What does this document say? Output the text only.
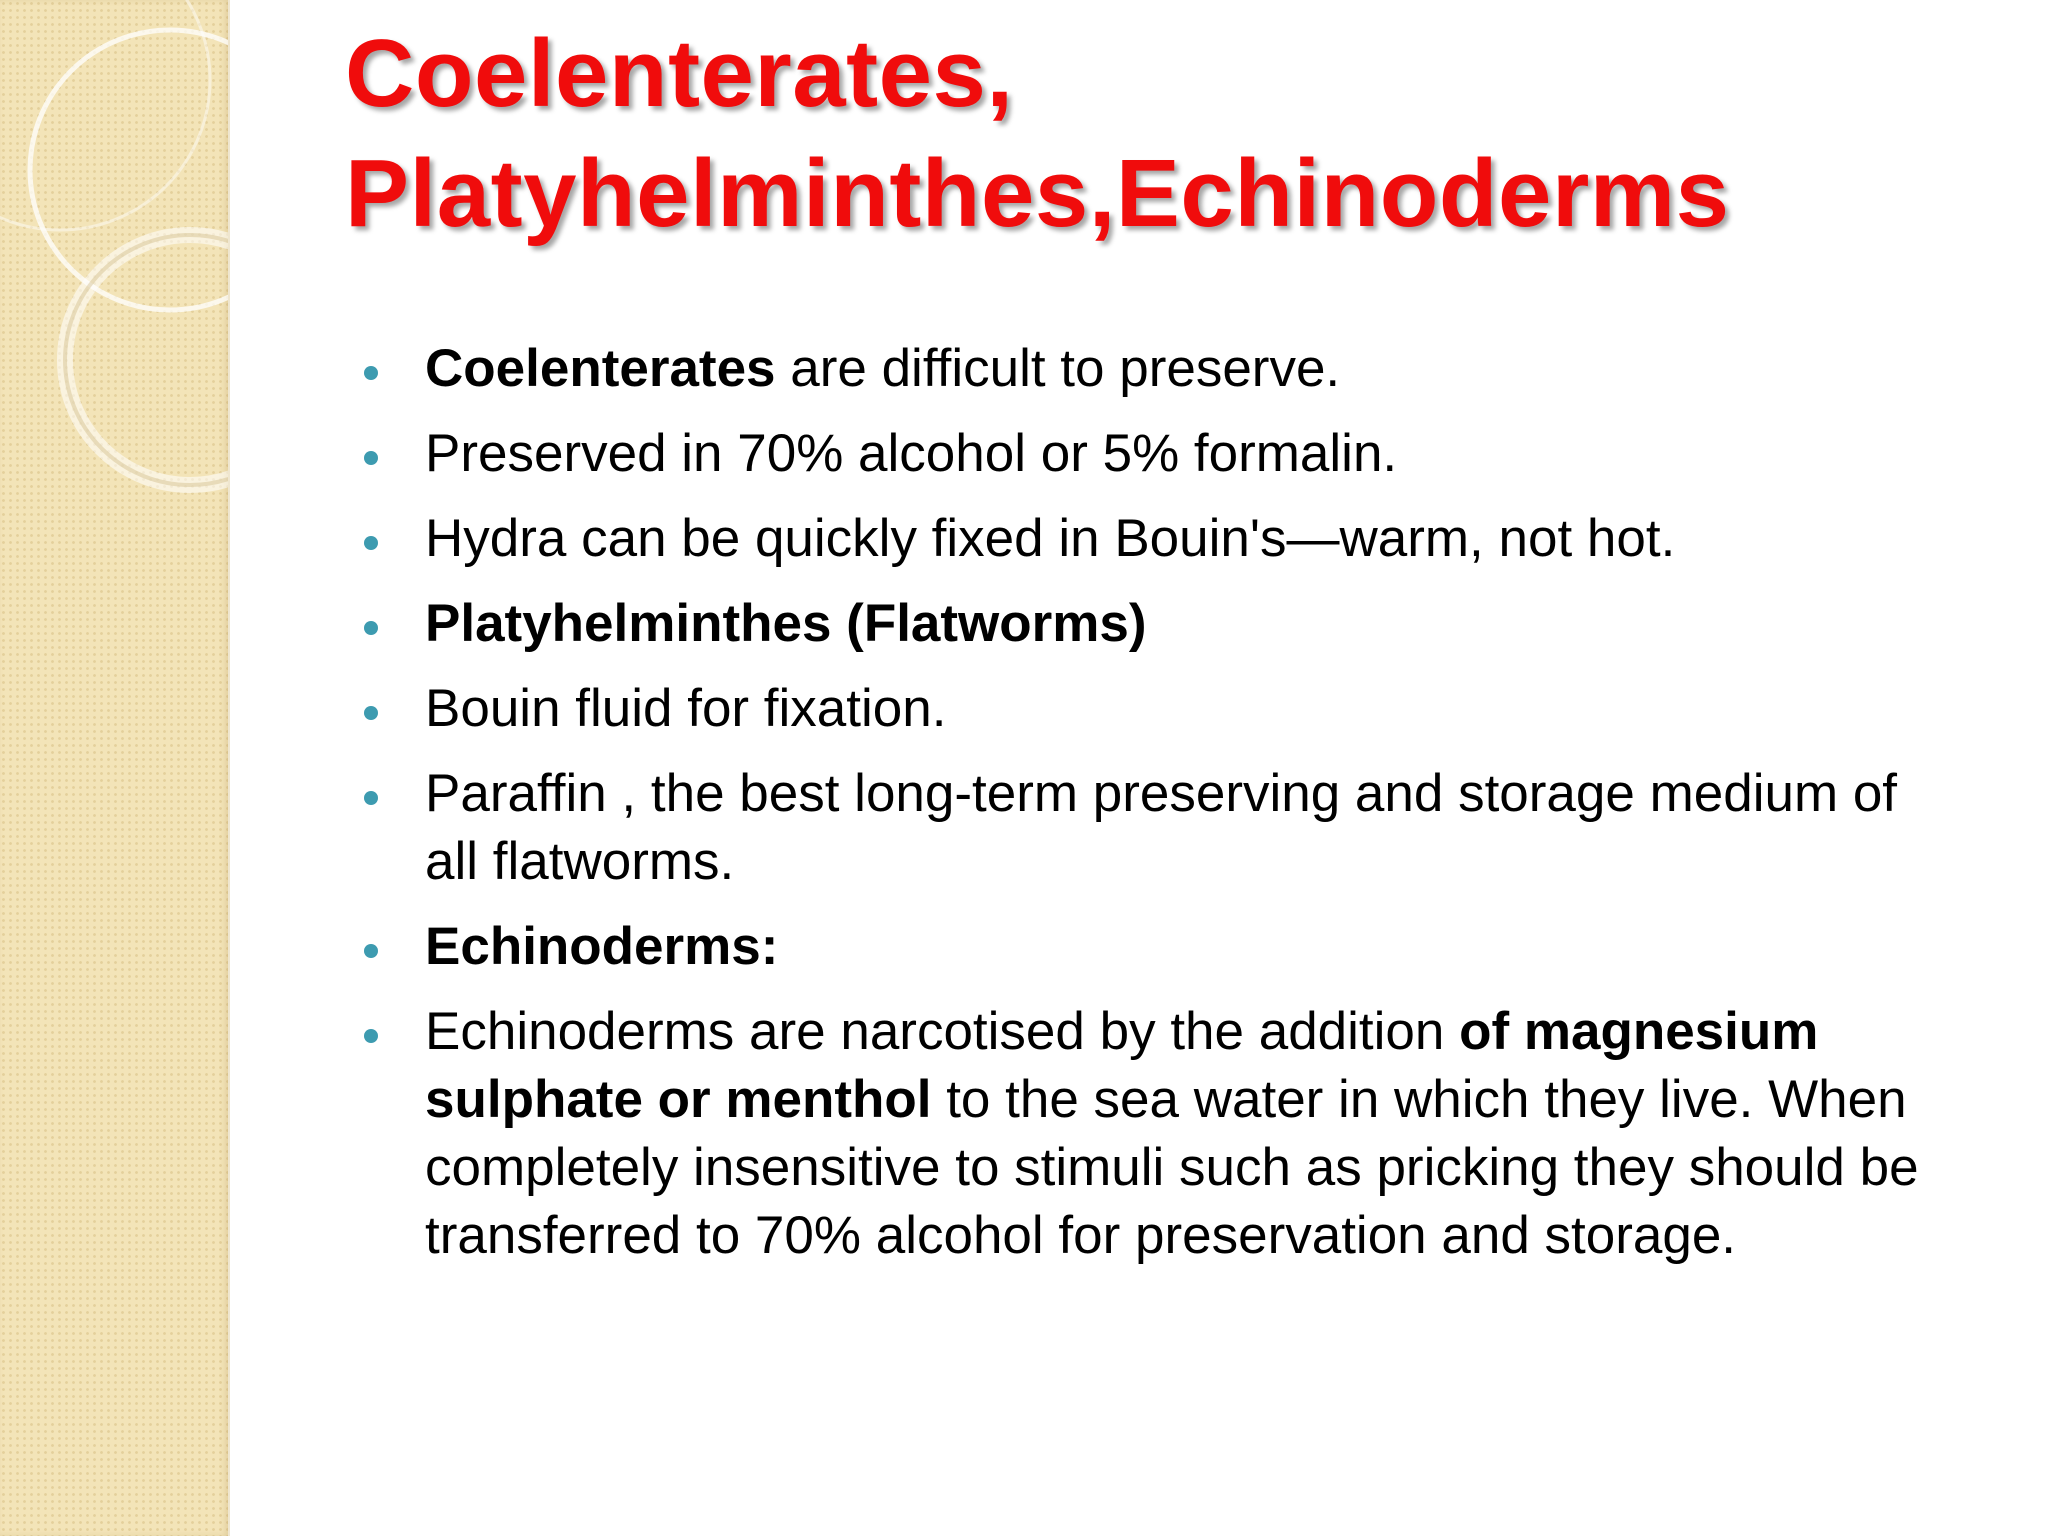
Coelenterates,
Platyhelminthes,Echinoderms
Coelenterates are difficult to preserve.
Preserved in 70% alcohol or 5% formalin.
Hydra can be quickly fixed in Bouin's—warm, not hot.
Platyhelminthes (Flatworms)
Bouin fluid for fixation.
Paraffin , the best long-term preserving and storage medium of all flatworms.
Echinoderms:
Echinoderms are narcotised by the addition of magnesium sulphate or menthol to the sea water in which they live. When completely insensitive to stimuli such as pricking they should be transferred to 70% alcohol for preservation and storage.
